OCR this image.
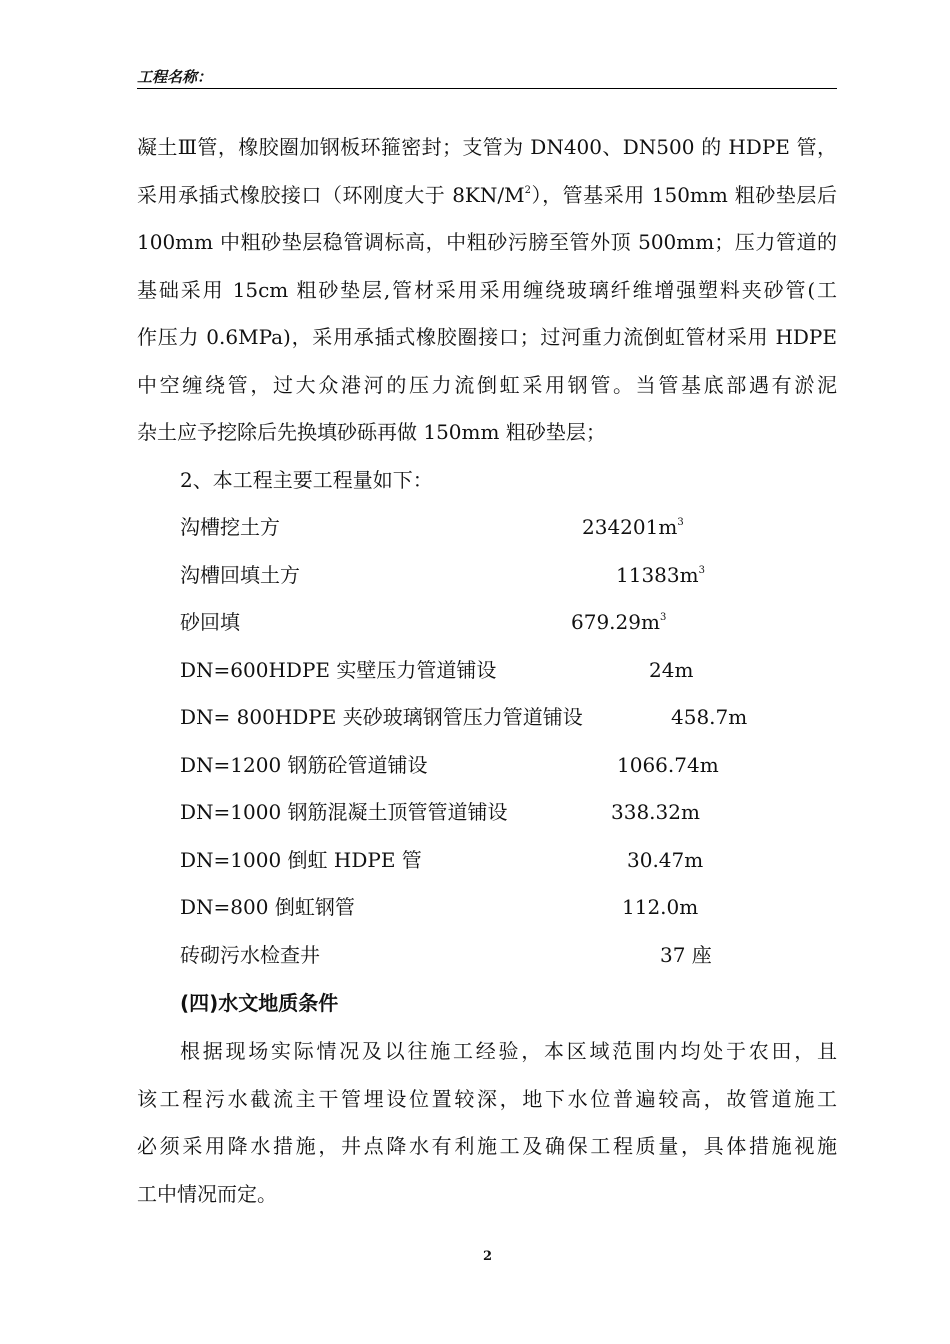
工程名称：
凝土Ⅲ管，橡胶圈加钢板环箍密封；支管为 DN400、DN500 的 HDPE 管，
采用承插式橡胶接口（环刚度大于 $8KN/M^2$），管基采用 150mm 粗砂垫层后
100mm 中粗砂垫层稳管调标高，中粗砂污膀至管外顶 500mm；压力管道的
基础采用 15cm 粗砂垫层,管材采用采用缠绕玻璃纤维增强塑料夹砂管(工
作压力 0.6MPa)，采用承插式橡胶圈接口；过河重力流倒虹管材采用 HDPE
中空缠绕管，过大众港河的压力流倒虹采用钢管。当管基底部遇有淤泥
杂土应予挖除后先换填砂砾再做 150mm 粗砂垫层；
2、本工程主要工程量如下：
沟槽挖土方	$234201m^3$
沟槽回填土方	$11383m^3$
砂回填	$679.29m^3$
DN=600HDPE 实壁压力管道铺设	24m
DN= 800HDPE 夹砂玻璃钢管压力管道铺设	458.7m
DN=1200 钢筋砼管道铺设	1066.74m
DN=1000 钢筋混凝土顶管管道铺设	338.32m
DN=1000 倒虹 HDPE 管	30.47m
DN=800 倒虹钢管	112.0m
砖砌污水检查井	37 座
(四)水文地质条件
根据现场实际情况及以往施工经验，本区域范围内均处于农田，且
该工程污水截流主干管埋设位置较深，地下水位普遍较高，故管道施工
必须采用降水措施，井点降水有利施工及确保工程质量，具体措施视施
工中情况而定。
2
